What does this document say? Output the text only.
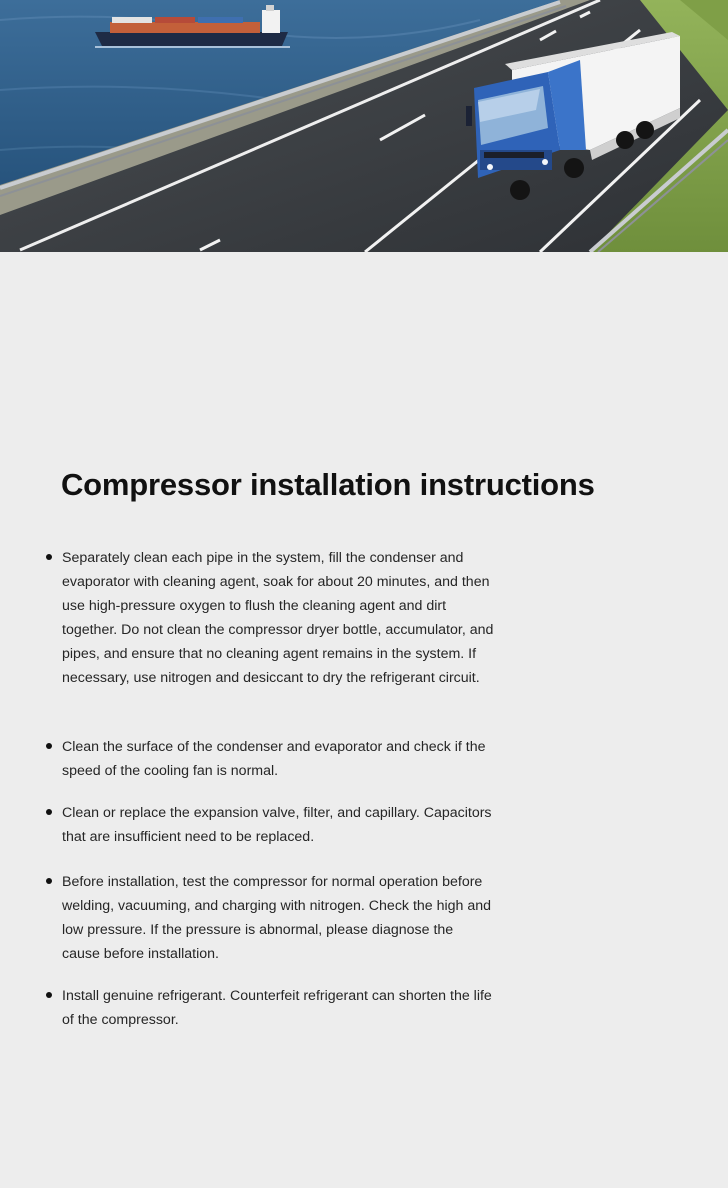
Compressor installation instructions

Separately clean each pipe in the system, fill the condenser and evaporator with cleaning agent, soak for about 20 minutes, and then use high-pressure oxygen to flush the cleaning agent and dirt together. Do not clean the compressor dryer bottle, accumulator, and pipes, and ensure that no cleaning agent remains in the system. If necessary, use nitrogen and desiccant to dry the refrigerant circuit.

Clean the surface of the condenser and evaporator and check if the speed of the cooling fan is normal.

Clean or replace the expansion valve, filter, and capillary. Capacitors that are insufficient need to be replaced.

Before installation, test the compressor for normal operation before welding, vacuuming, and charging with nitrogen. Check the high and low pressure. If the pressure is abnormal, please diagnose the cause before installation.

Install genuine refrigerant. Counterfeit refrigerant can shorten the life of the compressor.
